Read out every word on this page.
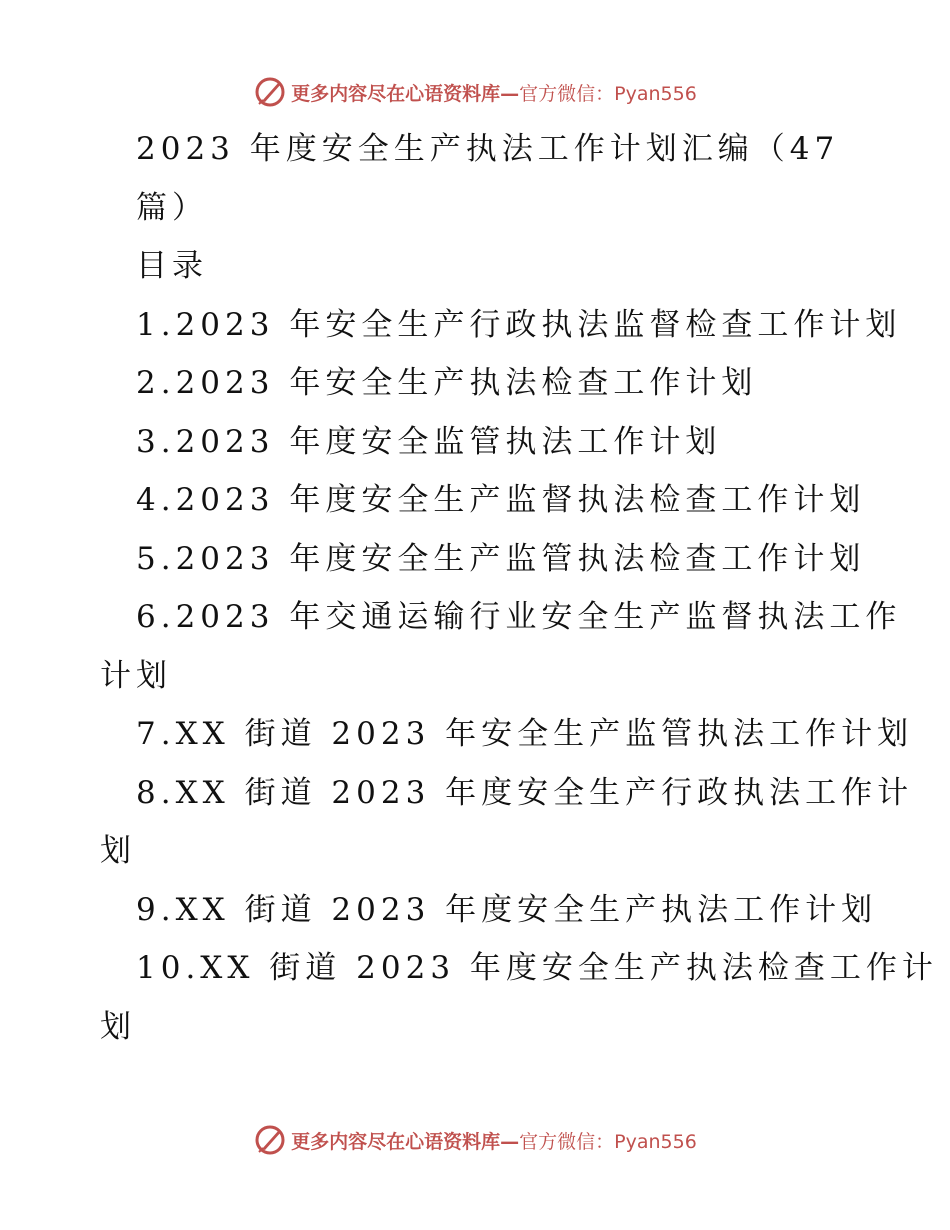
更多内容尽在心语资料库—官方微信：Pyan556
2023 年度安全生产执法工作计划汇编（47
篇）
目录
1.2023 年安全生产行政执法监督检查工作计划
2.2023 年安全生产执法检查工作计划
3.2023 年度安全监管执法工作计划
4.2023 年度安全生产监督执法检查工作计划
5.2023 年度安全生产监管执法检查工作计划
6.2023 年交通运输行业安全生产监督执法工作
计划
7.XX 街道 2023 年安全生产监管执法工作计划
8.XX 街道 2023 年度安全生产行政执法工作计
划
9.XX 街道 2023 年度安全生产执法工作计划
10.XX 街道 2023 年度安全生产执法检查工作计
划
更多内容尽在心语资料库—官方微信：Pyan556
